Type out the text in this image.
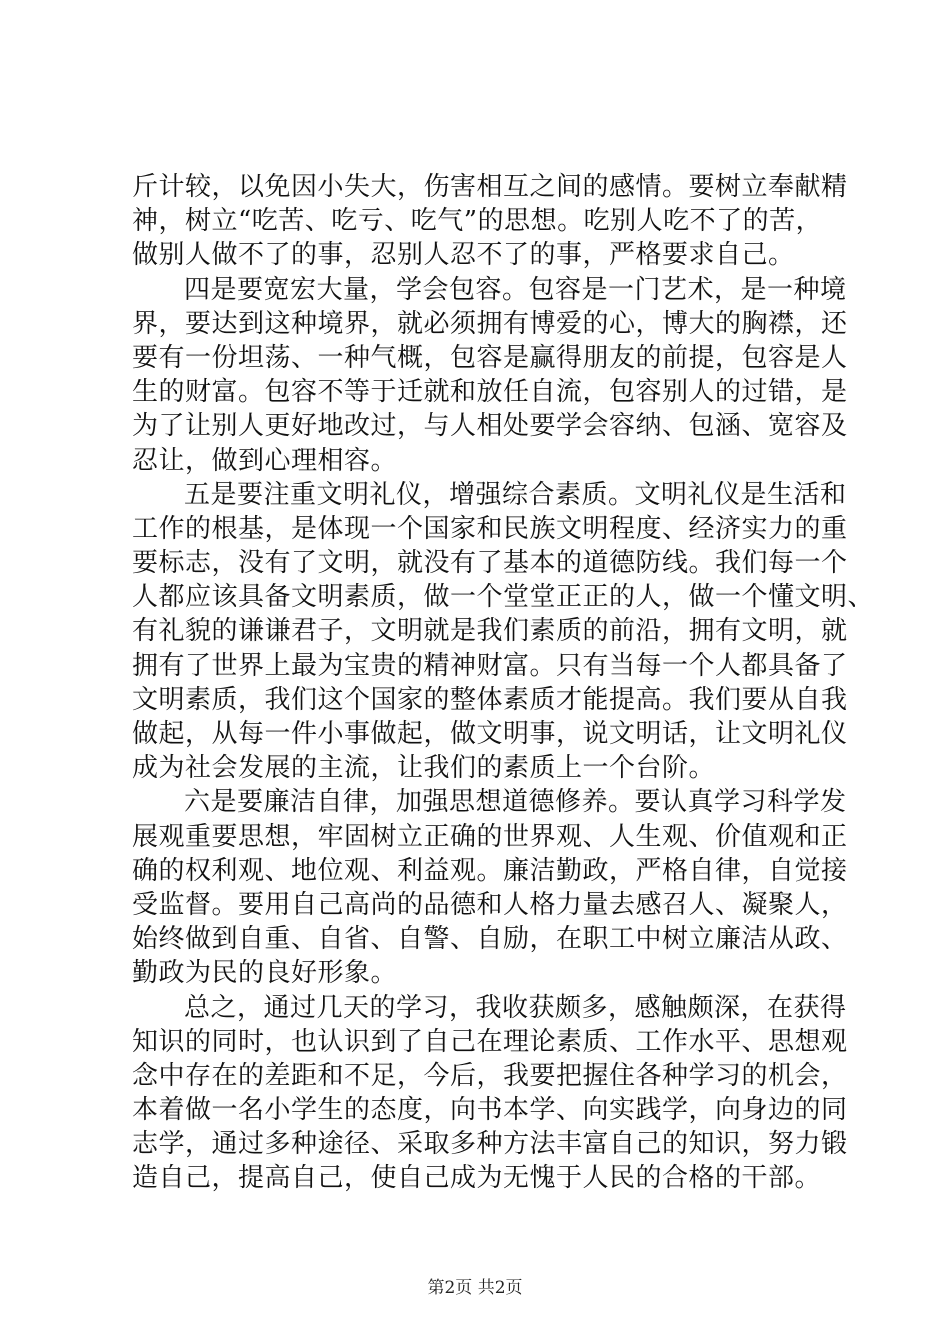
斤计较，以免因小失大，伤害相互之间的感情。要树立奉献精
神，树立“吃苦、吃亏、吃气”的思想。吃别人吃不了的苦，
做别人做不了的事，忍别人忍不了的事，严格要求自己。
四是要宽宏大量，学会包容。包容是一门艺术，是一种境
界，要达到这种境界，就必须拥有博爱的心，博大的胸襟，还
要有一份坦荡、一种气概，包容是赢得朋友的前提，包容是人
生的财富。包容不等于迁就和放任自流，包容别人的过错，是
为了让别人更好地改过，与人相处要学会容纳、包涵、宽容及
忍让，做到心理相容。
五是要注重文明礼仪，增强综合素质。文明礼仪是生活和
工作的根基，是体现一个国家和民族文明程度、经济实力的重
要标志，没有了文明，就没有了基本的道德防线。我们每一个
人都应该具备文明素质，做一个堂堂正正的人，做一个懂文明、
有礼貌的谦谦君子，文明就是我们素质的前沿，拥有文明，就
拥有了世界上最为宝贵的精神财富。只有当每一个人都具备了
文明素质，我们这个国家的整体素质才能提高。我们要从自我
做起，从每一件小事做起，做文明事，说文明话，让文明礼仪
成为社会发展的主流，让我们的素质上一个台阶。
六是要廉洁自律，加强思想道德修养。要认真学习科学发
展观重要思想，牢固树立正确的世界观、人生观、价值观和正
确的权利观、地位观、利益观。廉洁勤政，严格自律，自觉接
受监督。要用自己高尚的品德和人格力量去感召人、凝聚人，
始终做到自重、自省、自警、自励，在职工中树立廉洁从政、
勤政为民的良好形象。
总之，通过几天的学习，我收获颇多，感触颇深，在获得
知识的同时，也认识到了自己在理论素质、工作水平、思想观
念中存在的差距和不足，今后，我要把握住各种学习的机会，
本着做一名小学生的态度，向书本学、向实践学，向身边的同
志学，通过多种途径、采取多种方法丰富自己的知识，努力锻
造自己，提高自己，使自己成为无愧于人民的合格的干部。
第2页 共2页
